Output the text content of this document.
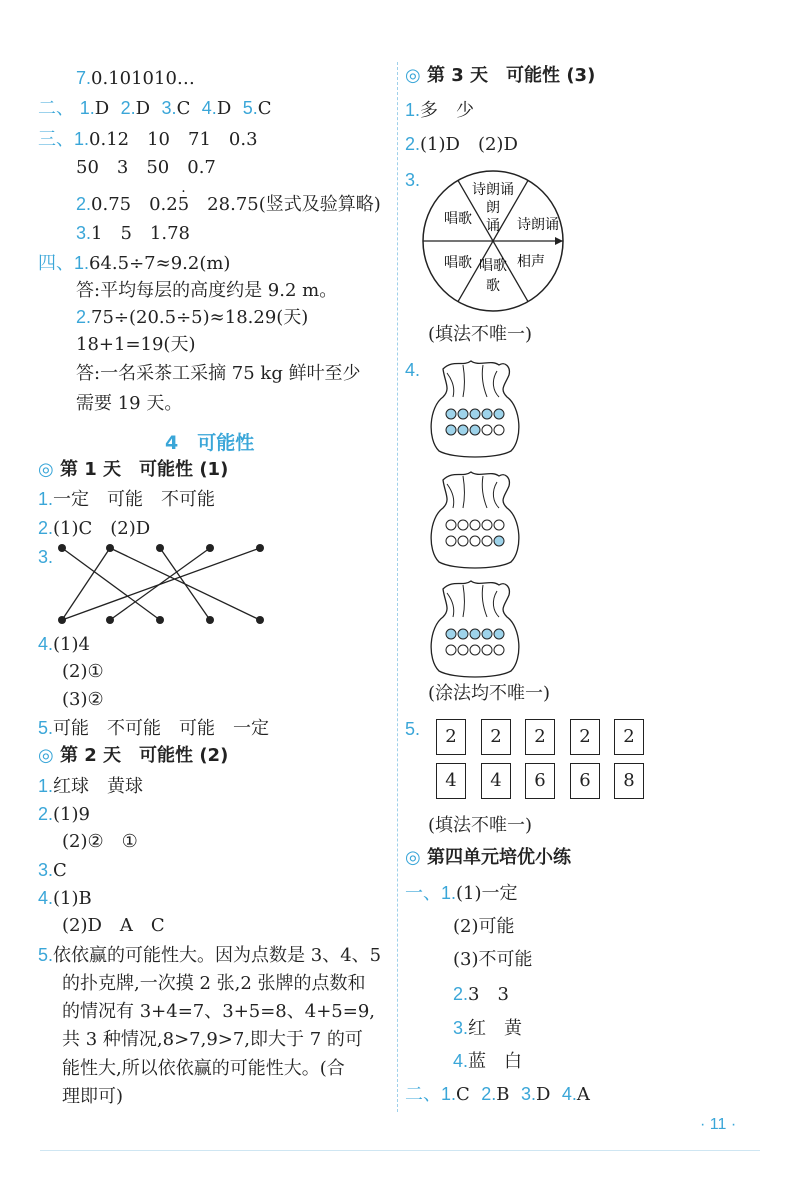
7.0.101010…
二、 1.D 2.D 3.C 4.D 5.C
三、1.0.12　10　71　0.3
50　3　50　0.7
2.0.75　0.2· 5　28.75(竖式及验算略)
3.1　5　1.78
四、1.64.5÷7≈9.2(m)
答:平均每层的高度约是 9.2 m。
2.75÷(20.5÷5)≈18.29(天)
18+1=19(天)
答:一名采茶工采摘 75 kg 鲜叶至少
需要 19 天。
4　可能性
◎ 第 1 天　可能性 (1)
1.一定　可能　不可能
2.(1)C　(2)D
3.
4.(1)4
(2)①
(3)②
5.可能　不可能　可能　一定
◎ 第 2 天　可能性 (2)
1.红球　黄球
2.(1)9
(2)②　①
3.C
4.(1)B
(2)D　A　C
5.依依赢的可能性大。因为点数是 3、4、5
的扑克牌,一次摸 2 张,2 张牌的点数和
的情况有 3+4=7、3+5=8、4+5=9,
共 3 种情况,8>7,9>7,即大于 7 的可
能性大,所以依依赢的可能性大。(合
理即可)
◎ 第 3 天　可能性 (3)
1.多　少
2.(1)D　(2)D
3.	诗朗诵
朗
诵
唱歌	诗朗诵
唱歌 唱歌
歌
相声
(填法不唯一)
4.
(涂法均不唯一)
5.	2	2	2	2	2
4	4	6	6	8
(填法不唯一)
◎ 第四单元培优小练
一、1.(1)一定
(2)可能
(3)不可能
2.3　3
3.红　黄
4.蓝　白
二、1.C 2.B 3.D 4.A
· 11 ·
